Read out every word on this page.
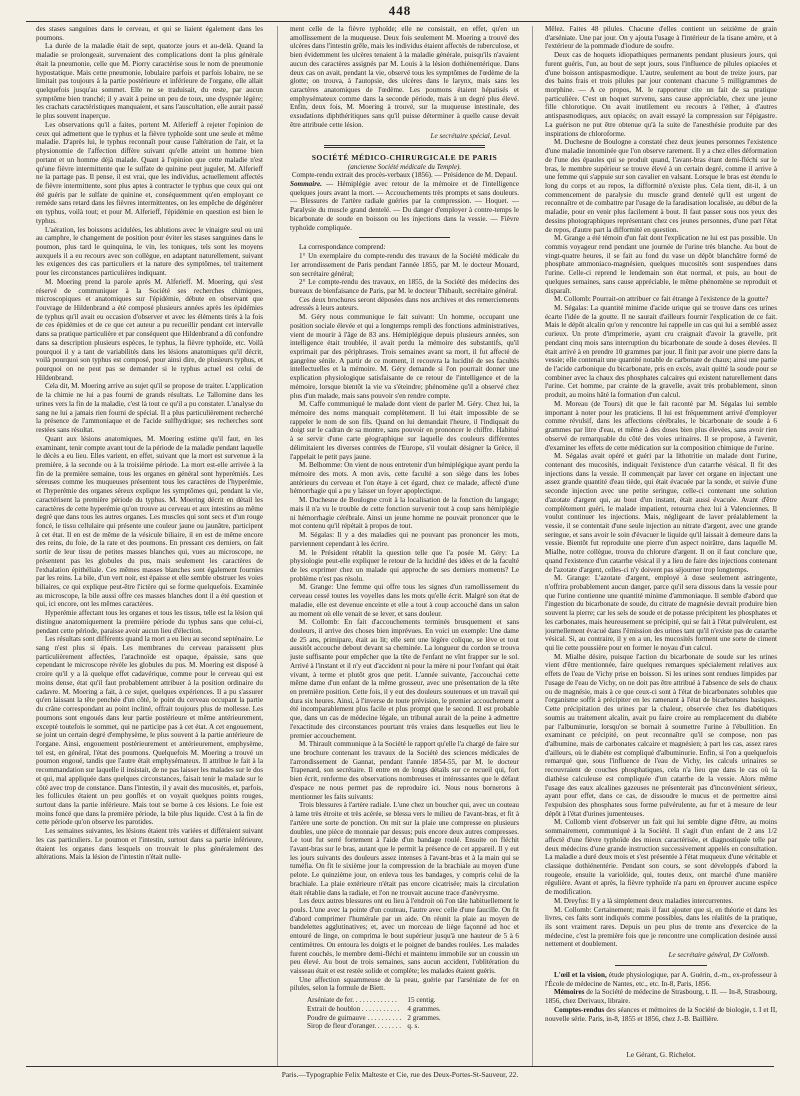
448

des stases sanguines dans le cerveau, et qui se liaient également dans les poumons.

La durée de la maladie était de sept, quatorze jours et au-delà. Quand la maladie se prolongeait, survenaient des complications dont la plus générale était la pneumonie, celle que M. Piorry caractérise sous le nom de pneumonie hypostatique. Mais cette pneumonie, lobulaire parfois et parfois lobaire, ne se limitait pas toujours à la partie postérieure et inférieure de l'organe, elle allait quelquefois jusqu'au sommet. Elle ne se traduisait, du reste, par aucun symptôme bien tranché; il y avait à peine un peu de toux, une dyspnée légère; les crachats caractéristiques manquaient, et sans l'auscultation, elle aurait passé le plus souvent inaperçue.

Les observations qu'il a faites, portent M. Alferieff à rejeter l'opinion de ceux qui admettent que le typhus et la fièvre typhoïde sont une seule et même maladie. D'après lui, le typhus reconnaît pour cause l'altération de l'air, et la physionomie de l'affection diffère suivant qu'elle atteint un homme bien portant et un homme déjà malade. Quant à l'opinion que cette maladie n'est qu'une fièvre intermittente que le sulfate de quinine peut juguler, M. Alferieff ne la partage pas. Il pense, il est vrai, que les individus, actuellement affectés de fièvre intermittente, sont plus aptes à contracter le typhus que ceux qui ont été guéris par le sulfate de quinine et, conséquemment qu'en employant ce remède sans retard dans les fièvres intermittentes, on les empêche de dégénérer en typhus, voilà tout; et pour M. Alferieff, l'épidémie en question est bien le typhus.

L'aération, les boissons acidulées, les ablutions avec le vinaigre seul ou uni au camphre, le changement de position pour éviter les stases sanguines dans le poumon, plus tard le quinquina, le vin, les toniques, tels sont les moyens auxquels il a eu recours avec son collègue, en adaptant naturellement, suivant les exigences des cas particuliers et la nature des symptômes, tel traitement pour les circonstances particulières indiquant.

M. Moering prend la parole après M. Alferieff. M. Moering, qui s'est réservé de communiquer à la Société ses recherches chimiques, microscopiques et anatomiques sur l'épidémie, débute en observant que l'ouvrage de Hildenbrand a été composé plusieurs années après les épidémies de typhus qu'il avait eu occasion d'observer et avec les éléments tirés à la fois de ces épidémies et de ce que cet auteur a pu recueillir pendant cet intervalle dans sa pratique particulière et par conséquent que Hildenbrand a dû confondre dans sa description plusieurs espèces, le typhus, la fièvre typhoïde, etc. Voilà pourquoi il y a tant de variabilités dans les lésions anatomiques qu'il décrit, voilà pourquoi son typhus est composé, pour ainsi dire, de plusieurs typhus, et pourquoi on ne peut pas se demander si le typhus actuel est celui de Hildenbrand.

Cela dit, M. Moering arrive au sujet qu'il se propose de traiter. L'application de la chimie ne lui a pas fourni de grands résultats. Le Tallomine dans les urines vers la fin de la maladie, c'est là tout ce qu'il a pu constater. L'analyse du sang ne lui a jamais rien fourni de spécial. Il a plus particulièrement recherché la présence de l'ammoniaque et de l'acide sulfhydrique; ses recherches sont restées sans résultat.

Quant aux lésions anatomiques, M. Moering estime qu'il faut, en les examinant, tenir compte avant tout de la période de la maladie pendant laquelle le décès a eu lieu. Elles varient, en effet, suivant que la mort est survenue à la première, à la seconde ou à la troisième période. La mort est-elle arrivée à la fin de la première semaine, tous les organes en général sont hyperémiés. Les séreuses comme les muqueuses présentent tous les caractères de l'hyperémie, et l'hyperémie des organes séreux explique les symptômes qui, pendant la vie, caractérisent la première période du typhus. M. Moering décrit en détail les caractères de cette hyperémie qu'on trouve au cerveau et aux intestins au même degré que dans tous les autres organes. Les muscles qui sont secs et d'un rouge foncé, le tissu cellulaire qui présente une couleur jaune ou jaunâtre, participent à cet état. Il en est de même de la vésicule biliaire, il en est de même encore des reins, du foie, de la rate et des poumons. En pressant ces derniers, on fait sortir de leur tissu de petites masses blanches qui, vues au microscope, ne présentent pas les globules du pus, mais seulement les caractères de l'exhalation épithéliale. Ces mêmes masses blanches sont également fournies par les reins. La bile, d'un vert noir, est épaisse et elle semble obstruer les voies biliaires, ce qui explique peut-être l'ictère qui se forme quelquefois. Examinée au microscope, la bile aussi offre ces masses blanches dont il a été question et qui, ici encore, ont les mêmes caractères.

Hyperémie affectant tous les organes et tous les tissus, telle est la lésion qui distingue anatomiquement la première période du typhus sans que celui-ci, pendant cette période, paraisse avoir aucun lieu d'élection.

Les résultats sont différents quand la mort a eu lieu au second septénaire. Le sang n'est plus si épais. Les membranes du cerveau paraissent plus particulièrement affectées, l'arachnoïde est opaque, épaissie, sans que cependant le microscope révèle les globules du pus. M. Moering est disposé à croire qu'il y a là quelque effet cadavérique, comme pour le cerveau qui est moins dense, état qu'il faut probablement attribuer à la position ordinaire du cadavre. M. Moering a fait, à ce sujet, quelques expériences. Il a pu s'assurer qu'en laissant la tête penchée d'un côté, le point du cerveau occupant la partie du crâne correspondant au point incliné, offrait toujours plus de mollesse. Les poumons sont engoués dans leur partie postérieure et même antérieurement, excepté toutefois le sommet, qui ne participe pas à cet état. A cet engouement, se joint un certain degré d'emphysème, le plus souvent à la partie antérieure de l'organe. Ainsi, engouement postérieurement et antérieurement, emphysème, tel est, en général, l'état des poumons. Quelquefois M. Moering a trouvé un poumon engoué, tandis que l'autre était emphysémateux. Il attribue le fait à la recommandation sur laquelle il insistait, de ne pas laisser les malades sur le dos et qui, mal appliquée dans quelques circonstances, faisait tenir le malade sur le côté avec trop de constance. Dans l'intestin, il y avait des mucosités, et, parfois, les follicules étaient un peu gonflés et on voyait quelques points rouges, surtout dans la partie inférieure. Mais tout se borne à ces lésions. Le foie est moins foncé que dans la première période, la bile plus liquide. C'est à la fin de cette période qu'on observe les parotides.

Les semaines suivantes, les lésions étaient très variées et différaient suivant les cas particuliers. Le poumon et l'intestin, surtout dans sa partie inférieure, étaient les organes dans lesquels on trouvait le plus généralement des altérations. Mais la lésion de l'intestin n'était nulle-

ment celle de la fièvre typhoïde; elle ne consistait, en effet, qu'en un amollissement de la muqueuse. Deux fois seulement M. Moering a trouvé des ulcères dans l'intestin grêle, mais les individus étaient affectés de tuberculose, et bien évidemment les ulcères tenaient à la maladie générale, puisqu'ils n'avaient aucun des caractères assignés par M. Louis à la lésion dothiénentérique. Dans deux cas on avait, pendant la vie, observé tous les symptômes de l'œdème de la glotte; on trouva, à l'autopsie, des ulcères dans le larynx, mais sans les caractères anatomiques de l'œdème. Les poumons étaient hépatisés et emphysémateux comme dans la seconde période, mais à un degré plus élevé. Enfin, deux fois, M. Moering à trouvé, sur la muqueuse intestinale, des exsudations diphthéritiques sans qu'il puisse déterminer à quelle cause devait être attribuée cette lésion.

Le secrétaire spécial, Leval.
SOCIÉTÉ MÉDICO-CHIRURGICALE DE PARIS
(ancienne Société médicale du Temple).
Compte-rendu extrait des procès-verbaux (1856). — Présidence de M. Depaul.

Sommaire. — Hémiplégie avec retour de la mémoire et de l'intelligence quelques jours avant la mort. — Accouchements très prompts et sans douleurs. — Blessures de l'artère radiale guéries par la compression. — Hoquet. — Paralysie du muscle grand dentelé. — Du danger d'employer à contre-temps le bicarbonate de soude en boisson ou les injections dans la vessie. — Fièvre typhoïde compliquée.

La correspondance comprend:

1° Un exemplaire du compte-rendu des travaux de la Société médicale du 1er arrondissement de Paris pendant l'année 1855, par M. le docteur Mouard, son secrétaire général;

2° Le compte-rendu des travaux, en 1855, de la Société des médecins des bureaux de bienfaisance de Paris, par M. le docteur Thibault, secrétaire général.

Ces deux brochures seront déposées dans nos archives et des remerciements adressés à leurs auteurs.

M. Géry nous communique le fait suivant: Un homme, occupant une position sociale élevée et qui a longtemps rempli des fonctions administratives, vient de mourir à l'âge de 83 ans. Hémiplégique depuis plusieurs années, son intelligence était troublée, il avait perdu la mémoire des substantifs, qu'il exprimait par des périphrases. Trois semaines avant sa mort, il fut affecté de gangrène sénile. A partir de ce moment, il recouvra la lucidité de ses facultés intellectuelles et la mémoire. M. Géry demande si l'on pourrait donner une explication physiologique satisfaisante de ce retour de l'intelligence et de la mémoire, lorsque bientôt la vie va s'éteindre; phénomène qu'il a observé chez plus d'un malade, mais sans pouvoir s'en rendre compte.

M. Caffe communiqué le malade dont vient de parler M. Géry. Chez lui, la mémoire des noms manquait complètement. Il lui était impossible de se rappeler le nom de son fils. Quand on lui demandait l'heure, il l'indiquait du doigt sur le cadran de sa montre, sans pouvoir en prononcer le chiffre. Habitué à se servir d'une carte géographique sur laquelle des couleurs différentes délimitaient les diverses contrées de l'Europe, s'il voulait désigner la Grèce, il l'appelait le petit pays jaune.

M. Belhomme: On vient de nous entretenir d'un hémiplégique ayant perdu la mémoire des mots. A mon avis, cette faculté a son siège dans les lobes antérieurs du cerveau et l'on étaye à cet égard, chez ce malade, affecté d'une hémorrhagie qui a pu y laisser un foyer apoplectique.

M. Duchesne de Boulogne croit à la localisation de la fonction du langage; mais il n'a vu le trouble de cette fonction survenir tout à coup sans hémiplégie ni hémorrhagie cérébrale. Ainsi un jeune homme ne pouvait prononcer que le mot contenu qu'il répétait à propos de tout.

M. Ségalas: Il y a des maladies qui ne pouvant pas prononcer les mots, parviennent cependant à les écrire.

M. le Président rétablit la question telle que l'a posée M. Géry: La physiologie peut-elle expliquer le retour de la lucidité des idées et de la faculté de les exprimer chez un malade qui approche de ses derniers moments? Le problème n'est pas résolu.

M. Grange: Une femme qui offre tous les signes d'un ramollissement du cerveau cessé toutes les voyelles dans les mots qu'elle écrit. Malgré son état de maladie, elle est devenue enceinte et elle a tout à coup accouché dans un salon au moment où elle venait de se lever, et sans douleur.

M. Collomb: En fait d'accouchements terminés brusquement et sans douleurs, il arrive des choses bien imprévues. En voici un exemple: Une dame de 25 ans, primipare, était au lit; elle sent une légère colique, se lève et tout aussitôt accouche debout devant sa cheminée. La longueur du cordon se trouva juste suffisante pour empêcher que la tête de l'enfant ne vînt frapper sur le sol. Arrivé à l'instant et il n'y eut d'accident ni pour la mère ni pour l'enfant qui était vivant, à terme et plutôt gros que petit. L'année suivante, j'accouchai cette même dame d'un enfant de la même grosseur, avec une présentation de la tête en première position. Cette fois, il y eut des douleurs soutenues et un travail qui dura six heures. Ainsi, à l'inverse de toute prévision, le premier accouchement a été incomparablement plus facile et plus prompt que le second. Il est probable que, dans un cas de médecine légale, un tribunal aurait de la peine à admettre l'exactitude des circonstances pourtant très vraies dans lesquelles eut lieu le premier accouchement.

M. Thirault communique à la Société le rapport qu'elle l'a chargé de faire sur une brochure contenant les travaux de la Société des sciences médicales de l'arrondissement de Gannat, pendant l'année 1854-55, par M. le docteur Trapenard, son secrétaire. Il entre en de longs détails sur ce recueil qui, fort bien écrit, renferme des observations nombreuses et intéressantes que le défaut d'espace ne nous permet pas de reproduire ici. Nous nous bornerons à mentionner les faits suivants:

Trois blessures à l'artère radiale. L'une chez un boucher qui, avec un couteau à lame très étroite et très acérée, se blessa vers le milieu de l'avant-bras, et fit à l'artère une sorte de ponction. On mit sur la plaie une compresse en plusieurs doubles, une pièce de monnaie par dessus; puis encore deux autres compresses. Le tout fut serré fortement à l'aide d'un bandage roulé. Ensuite on fléchit l'avant-bras sur le bras, autant que le permit la présence de cet appareil. Il y eut les jours suivants des douleurs assez intenses à l'avant-bras et à la main qui se tuméfia. On fit le sixième jour la compression de la brachiale au moyen d'une pelote. Le quinzième jour, on enleva tous les bandages, y compris celui de la brachiale. La plaie extérieure n'était pas encore cicatrisée; mais la circulation était rétablie dans la radiale, et l'on ne trouvait aucune trace d'anévrysme.

Les deux autres blessures ont eu lieu à l'endroit où l'on tâte habituellement le pouls. L'une avec la pointe d'un couteau, l'autre avec celle d'une faucille. On fit d'abord comprimer l'humérale par un aide. On réunit la plaie au moyen de bandelettes agglutinatives; et, avec un morceau de liège façonné ad hoc et entouré de linge, on comprima le bout supérieur jusqu'à une hauteur de 5 à 6 centimètres. On entoura les doigts et le poignet de bandes roulées. Les malades furent couchés, le membre demi-fléchi et maintenu immobile sur un coussin un peu élevé. Au bout de trois semaines, sans aucun accident, l'oblitération du vaisseau était et est restée solide et complète; les malades étaient guéris.

Une affection squammeuse de la peau, guérie par l'arséniate de fer en pilules, selon la formule de Biett.

Arséniate de fer. . . . . . . . . . . . .	15 centig.
Extrait de houblon . . . . . . . . . . .	4 grammes.
Poudre de guimauve . . . . . . . . . .	2 grammes.
Sirop de fleur d'oranger. . . . . . . .	q. s.

Mêlez. Faites 48 pilules. Chacune d'elles contient un seizième de grain d'arséniate. Une par jour. On y ajouta l'usage à l'intérieur de la tisane amère, et à l'extérieur de la pommade d'iodure de soufre.

Deux cas de hoquets idiopathiques permanents pendant plusieurs jours, qui furent guéris, l'un, au bout de sept jours, sous l'influence de pilules opiacées et d'une boisson antispasmodique. L'autre, seulement au bout de treize jours, par des bains frais et trois pilules par jour contenant chacune 5 milligrammes de morphine. — A ce propos, M. le rapporteur cite un fait de sa pratique particulière. C'est un hoquet survenu, sans cause appréciable, chez une jeune fille chlorotique. On avait inutilement eu recours à l'éther, à d'autres antispasmodiques, aux opiacés; on avait essayé la compression sur l'épigastre. La guérison ne put être obtenue qu'à la suite de l'anesthésie produite par des inspirations de chloroforme.

M. Duchesne de Boulogne a constaté chez deux jeunes personnes l'existence d'une maladie innominée que l'on observe rarement. Il y a chez elles déformation de l'une des épaules qui se produit quand, l'avant-bras étant demi-fléchi sur le bras, le membre supérieur se trouve élevé à un certain degré, comme il arrive à une femme qui s'appuie sur son cavalier en valsant. Lorsque le bras est étendu le long du corps et au repos, la difformité n'existe plus. Cela tient, dit-il, à un commencement de paralysie du muscle grand dentelé qu'il est urgent de reconnaître et de combattre par l'usage de la faradisation localisée, au début de la maladie, pour en venir plus facilement à bout. Il faut passer sous nos yeux des dessins photographiques représentant chez ces jeunes personnes, d'une part l'état de repos, d'autre part la difformité en question.

M. Grange a été témoin d'un fait dont l'explication ne lui est pas possible. Un commis voyageur rend pendant une journée de l'urine très blanche. Au bout de vingt-quatre heures, il se fait au fond du vase un dépôt blanchâtre formé de phosphate ammoniaco-magnésien, quelques mucosités sont suspendues dans l'urine. Celle-ci reprend le lendemain son état normal, et puis, au bout de quelques semaines, sans cause appréciable, le même phénomène se reproduit et disparaît.

M. Collomb: Pourrait-on attribuer ce fait étrange à l'existence de la goutte?

M. Ségalas: La quantité minime d'acide urique qui se trouve dans ces urines écarte l'idée de la goutte. Il ne saurait d'ailleurs fournir l'explication de ce fait. Mais le dépôt alcalin qu'on y rencontre lui rappelle un cas qui lui a semblé assez curieux. Un prote d'imprimerie, ayant cru craignait d'avoir la gravelle, prit pendant cinq mois sans interruption du bicarbonate de soude à doses élevées. Il était arrivé à en prendre 10 grammes par jour. Il finit par avoir une pierre dans la vessie; elle contenait une quantité notable de carbonate de chaux; ainsi une partie de l'acide carbonique du bicarbonate, pris en excès, avait quitté la soude pour se combiner avec la chaux des phosphates calcaires qui existent naturellement dans l'urine. Cet homme, par crainte de la gravelle, avait très probablement, sinon produit, au moins hâté la formation d'un calcul.

M. Moreau (de Tours) dit que le fait raconté par M. Ségalas lui semble important à noter pour les praticiens. Il lui est fréquemment arrivé d'employer comme révulsif, dans les affections cérébrales, le bicarbonate de soude à 6 grammes par litre d'eau, et même à des doses bien plus élevées, sans avoir rien observé de remarquable du côté des voies urinaires. Il se propose, à l'avenir, d'examiner les effets de cette médication sur la composition chimique de l'urine.

M. Ségalas avait opéré et guéri par la lithotritie un malade dont l'urine, contenant des mucosités, indiquait l'existence d'un catarrhe vésical. Il fit des injections dans la vessie. Il commençait par laver cet organe en injectant une assez grande quantité d'eau tiède, qui était évacuée par la sonde, et suivie d'une seconde injection avec une petite seringue, celle-ci contenant une solution d'azotate d'argent qui, au bout d'un instant, était aussi évacuée. Avant d'être complètement guéri, le malade impatient, retourna chez lui à Valenciennes. Il voulut continuer les injections. Mais, négligeant de laver préalablement la vessie, il se contentait d'une seule injection au nitrate d'argent, avec une grande seringue, et sans avoir le soin d'évacuer le liquide qu'il laissait à demeure dans la vessie. Bientôt fut reproduite une pierre d'un aspect noirâtre, dans laquelle M. Mialhe, notre collègue, trouva du chlorure d'argent. Il on il faut conclure que, quand l'existence d'un catarrhe vésical il y a lieu de faire des injections contenant de l'azotate d'argent, celles-ci n'y doivent pas séjourner trop longtemps.

M. Grange: L'azotate d'argent, employé à dose seulement astringente, n'offrira probablement aucun danger, parce qu'il sera dissous dans la vessie pour que l'urine contienne une quantité minime d'ammoniaque. Il semble d'abord que l'ingestion du bicarbonate de soude, du citrate de magnésie devrait produire bien souvent la pierre; car les sels de soude et de potasse précipitent les phosphates et les carbonates, mais heureusement se précipité, qui se fait à l'état pulvérulent, est journellement évacué dans l'émission des urines tant qu'il n'existe pas de catarrhe vésical. Si, au contraire, il y en a un, les mucosités forment une sorte de ciment qui lie cette poussière pour en former le noyau d'un calcul.

M. Mialhe désire, puisque l'action du bicarbonate de soude sur les urines vient d'être mentionnée, faire quelques remarques spécialement relatives aux effets de l'eau de Vichy prise en boisson. Si les urines sont rendues limpides par l'usage de l'eau de Vichy, on ne doit pas être attribué à l'absence de sels de chaux ou de magnésie, mais à ce que ceux-ci sont à l'état de bicarbonates solubles que l'organisme soffit à précipiter en les ramenant à l'état de bicarbonates basiques. Cette précipitation des urines par la chaleur, observée chez les diabétiques soumis au traitement alcalin, avait pu faire croire au remplacement du diabète par l'albuminurie, lorsqu'on se bornait à soumettre l'urine à l'ébullition. En examinant ce précipité, on peut reconnaître qu'il se compose, non pas d'albumine, mais de carbonates calcaire et magnésien; à part les cas, assez rares d'ailleurs, où le diabète est compliqué d'albuminurie. Enfin, si l'on a quelquefois remarqué que, sous l'influence de l'eau de Vichy, les calculs urinaires se recouvraient de couches phosphatiques, cela n'a lieu que dans le cas où la diathèse calculeuse est compliquée d'un catarrhe de la vessie. Alors même l'usage des eaux alcalines gazeuses ne présenterait pas d'inconvénient sérieux, ayant pour effet, dans ce cas, de dissoudre le mucus et de permettre ainsi l'expulsion des phosphates sous forme pulvérulente, au fur et à mesure de leur dépôt à l'état d'urines jumenteuses.

M. Collomb vient d'observer un fait qui lui semble digne d'être, au moins sommairement, communiqué à la Société. Il s'agit d'un enfant de 2 ans 1/2 affecté d'une fièvre typhoïde des mieux caractérisée, et diagnostiquée telle par deux médecins d'une grande instruction successivement appelés en consultation. La maladie a duré deux mois et s'est présentée à l'état muqueux d'une véritable et classique dothiénentérie. Pendant son cours, se sont développés d'abord la rougeole, ensuite la variolöide, qui, toutes deux, ont marché d'une manière régulière. Avant et après, la fièvre typhoïde n'a paru en éprouver aucune espèce de modification.

M. Dreyfus: Il y a là simplement deux maladies intercurrentes.

M. Collomb: Certainement; mais il faut ajouter que si, en théorie et dans les livres, ces faits sont indiqués comme possibles, dans les réalités de la pratique, ils sont vraiment rares. Depuis un peu plus de trente ans d'exercice de la médecine, c'est la première fois que je rencontre une complication desinée aussi nettement et doublement.

Le secrétaire général, Dr Collomb.

L'œil et la vision, étude physiologique, par A. Guérin, d.-m., ex-professeur à l'École de médecine de Nantes, etc., etc. In-8, Paris, 1856.

Mémoires de la Société de médecine de Strasbourg, t. II. — In-8, Strasbourg, 1856, chez Derivaux, libraire.

Comptes-rendus des séances et mémoires de la Société de biologie, t. I et II, nouvelle série. Paris, in-8, 1855 et 1856, chez J.-B. Baillière.

Le Gérant, G. Richelot.
Paris.—Typographie Felix Malteste et Cie, rue des Deux-Portes-St-Sauveur, 22.
